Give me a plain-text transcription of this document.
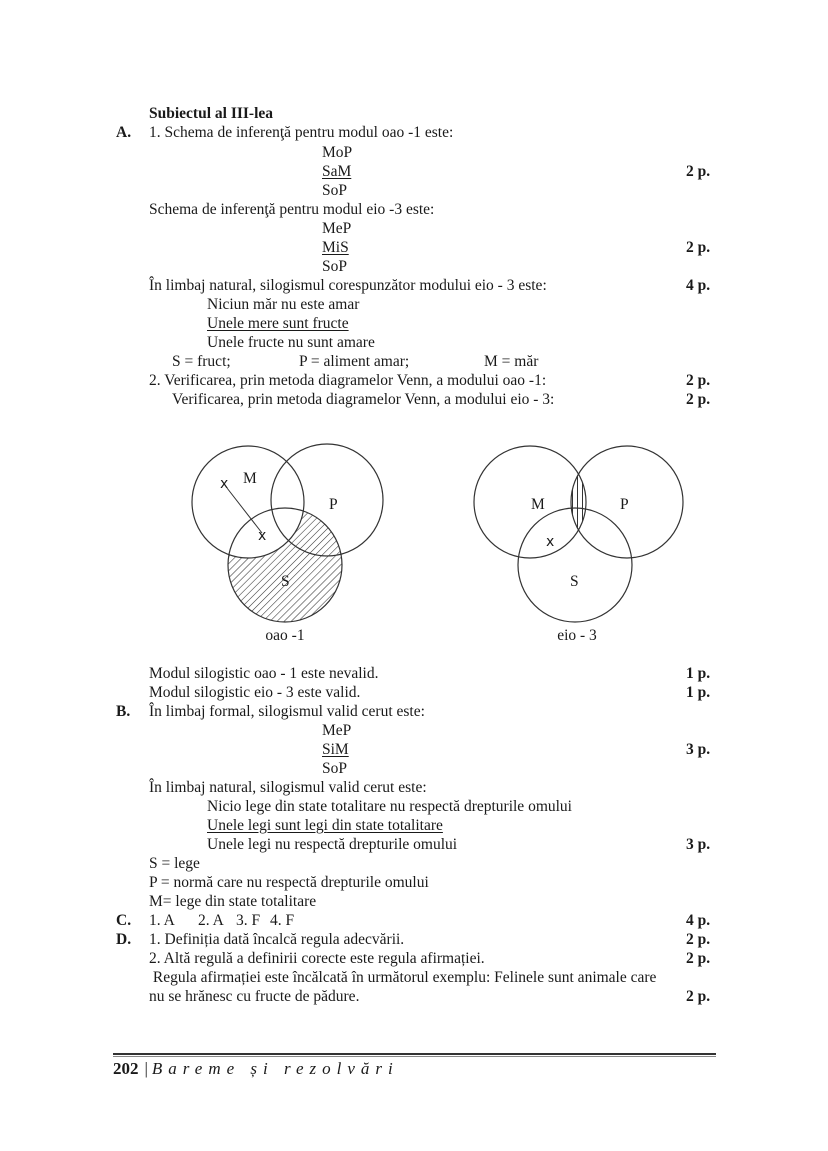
Subiectul al III-lea
A. 1. Schema de inferenţă pentru modul oao -1 este:
MoP
SaM	2 p.
SoP
Schema de inferenţă pentru modul eio -3 este:
MeP
MiS	2 p.
SoP
În limbaj natural, silogismul corespunzător modului eio - 3 este:	4 p.
Niciun măr nu este amar
Unele mere sunt fructe
Unele fructe nu sunt amare
S = fruct;	P = aliment amar;	M = măr
2. Verificarea, prin metoda diagramelor Venn, a modului oao -1:	2 p.
Verificarea, prin metoda diagramelor Venn, a modului eio - 3:	2 p.
M
P
S
x
x
oao -1
M	P
S
x
eio - 3
Modul silogistic oao - 1 este nevalid.	1 p.
Modul silogistic eio - 3 este valid.	1 p.
B. În limbaj formal, silogismul valid cerut este:
MeP
SiM	3 p.
SoP
În limbaj natural, silogismul valid cerut este:
Nicio lege din state totalitare nu respectă drepturile omului
Unele legi sunt legi din state totalitare
Unele legi nu respectă drepturile omului	3 p.
S = lege
P = normă care nu respectă drepturile omului
M= lege din state totalitare
C. 1. A 2. A 3. F 4. F	4 p.
D. 1. Definiția dată încalcă regula adecvării.	2 p.
2. Altă regulă a definirii corecte este regula afirmației.	2 p.
Regula afirmației este încălcată în următorul exemplu: Felinele sunt animale care
nu se hrănesc cu fructe de pădure.	2 p.
202 | Bareme și rezolvări
